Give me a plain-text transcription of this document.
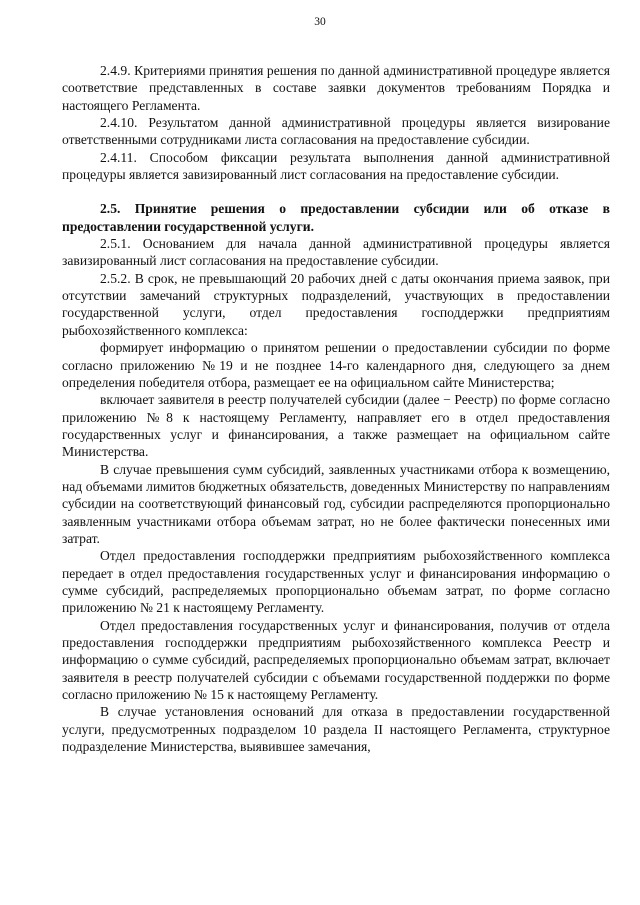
30

2.4.9. Критериями принятия решения по данной административной процедуре является соответствие представленных в составе заявки документов требованиям Порядка и настоящего Регламента.

2.4.10. Результатом данной административной процедуры является визирование ответственными сотрудниками листа согласования на предоставление субсидии.

2.4.11. Способом фиксации результата выполнения данной административной процедуры является завизированный лист согласования на предоставление субсидии.

2.5. Принятие решения о предоставлении субсидии или об отказе в предоставлении государственной услуги.

2.5.1. Основанием для начала данной административной процедуры является завизированный лист согласования на предоставление субсидии.

2.5.2. В срок, не превышающий 20 рабочих дней с даты окончания приема заявок, при отсутствии замечаний структурных подразделений, участвующих в предоставлении государственной услуги, отдел предоставления господдержки предприятиям рыбохозяйственного комплекса:

формирует информацию о принятом решении о предоставлении субсидии по форме согласно приложению №19 и не позднее 14-го календарного дня, следующего за днем определения победителя отбора, размещает ее на официальном сайте Министерства;

включает заявителя в реестр получателей субсидии (далее − Реестр) по форме согласно приложению №8 к настоящему Регламенту, направляет его в отдел предоставления государственных услуг и финансирования, а также размещает на официальном сайте Министерства.

В случае превышения сумм субсидий, заявленных участниками отбора к возмещению, над объемами лимитов бюджетных обязательств, доведенных Министерству по направлениям субсидии на соответствующий финансовый год, субсидии распределяются пропорционально заявленным участниками отбора объемам затрат, но не более фактически понесенных ими затрат.

Отдел предоставления господдержки предприятиям рыбохозяйственного комплекса передает в отдел предоставления государственных услуг и финансирования информацию о сумме субсидий, распределяемых пропорционально объемам затрат, по форме согласно приложению № 21 к настоящему Регламенту.

Отдел предоставления государственных услуг и финансирования, получив от отдела предоставления господдержки предприятиям рыбохозяйственного комплекса Реестр и информацию о сумме субсидий, распределяемых пропорционально объемам затрат, включает заявителя в реестр получателей субсидии с объемами государственной поддержки по форме согласно приложению № 15 к настоящему Регламенту.

В случае установления оснований для отказа в предоставлении государственной услуги, предусмотренных подразделом 10 раздела II настоящего Регламента, структурное подразделение Министерства, выявившее замечания,
